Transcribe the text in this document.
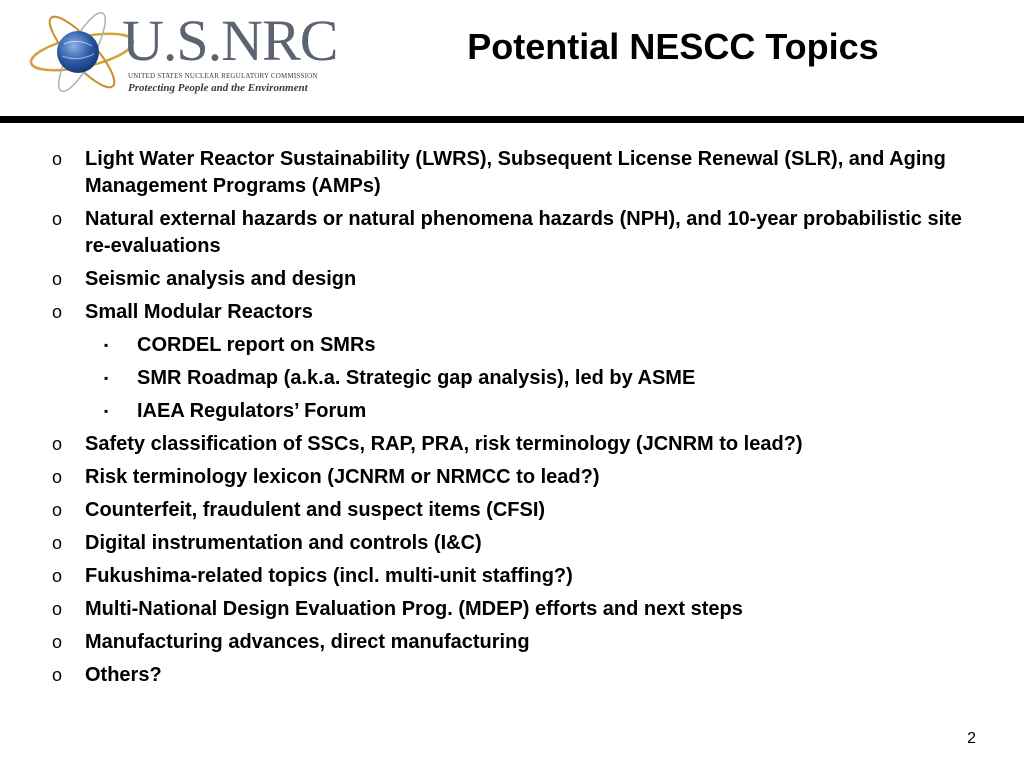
U.S.NRC
UNITED STATES NUCLEAR REGULATORY COMMISSION
Protecting People and the Environment
Potential NESCC Topics
o	Light Water Reactor Sustainability (LWRS), Subsequent License Renewal (SLR), and Aging Management Programs (AMPs)
o	Natural external hazards or natural phenomena hazards (NPH), and 10-year probabilistic site re-evaluations
o	Seismic analysis and design
o	Small Modular Reactors
▪ CORDEL report on SMRs
▪ SMR Roadmap (a.k.a. Strategic gap analysis), led by ASME
▪ IAEA Regulators’ Forum
o	Safety classification of SSCs, RAP, PRA, risk terminology (JCNRM to lead?)
o	Risk terminology lexicon (JCNRM or NRMCC to lead?)
o	Counterfeit, fraudulent and suspect items (CFSI)
o	Digital instrumentation and controls (I&C)
o	Fukushima-related topics (incl. multi-unit staffing?)
o	Multi-National Design Evaluation Prog. (MDEP) efforts and next steps
o	Manufacturing advances, direct manufacturing
o	Others?
2
